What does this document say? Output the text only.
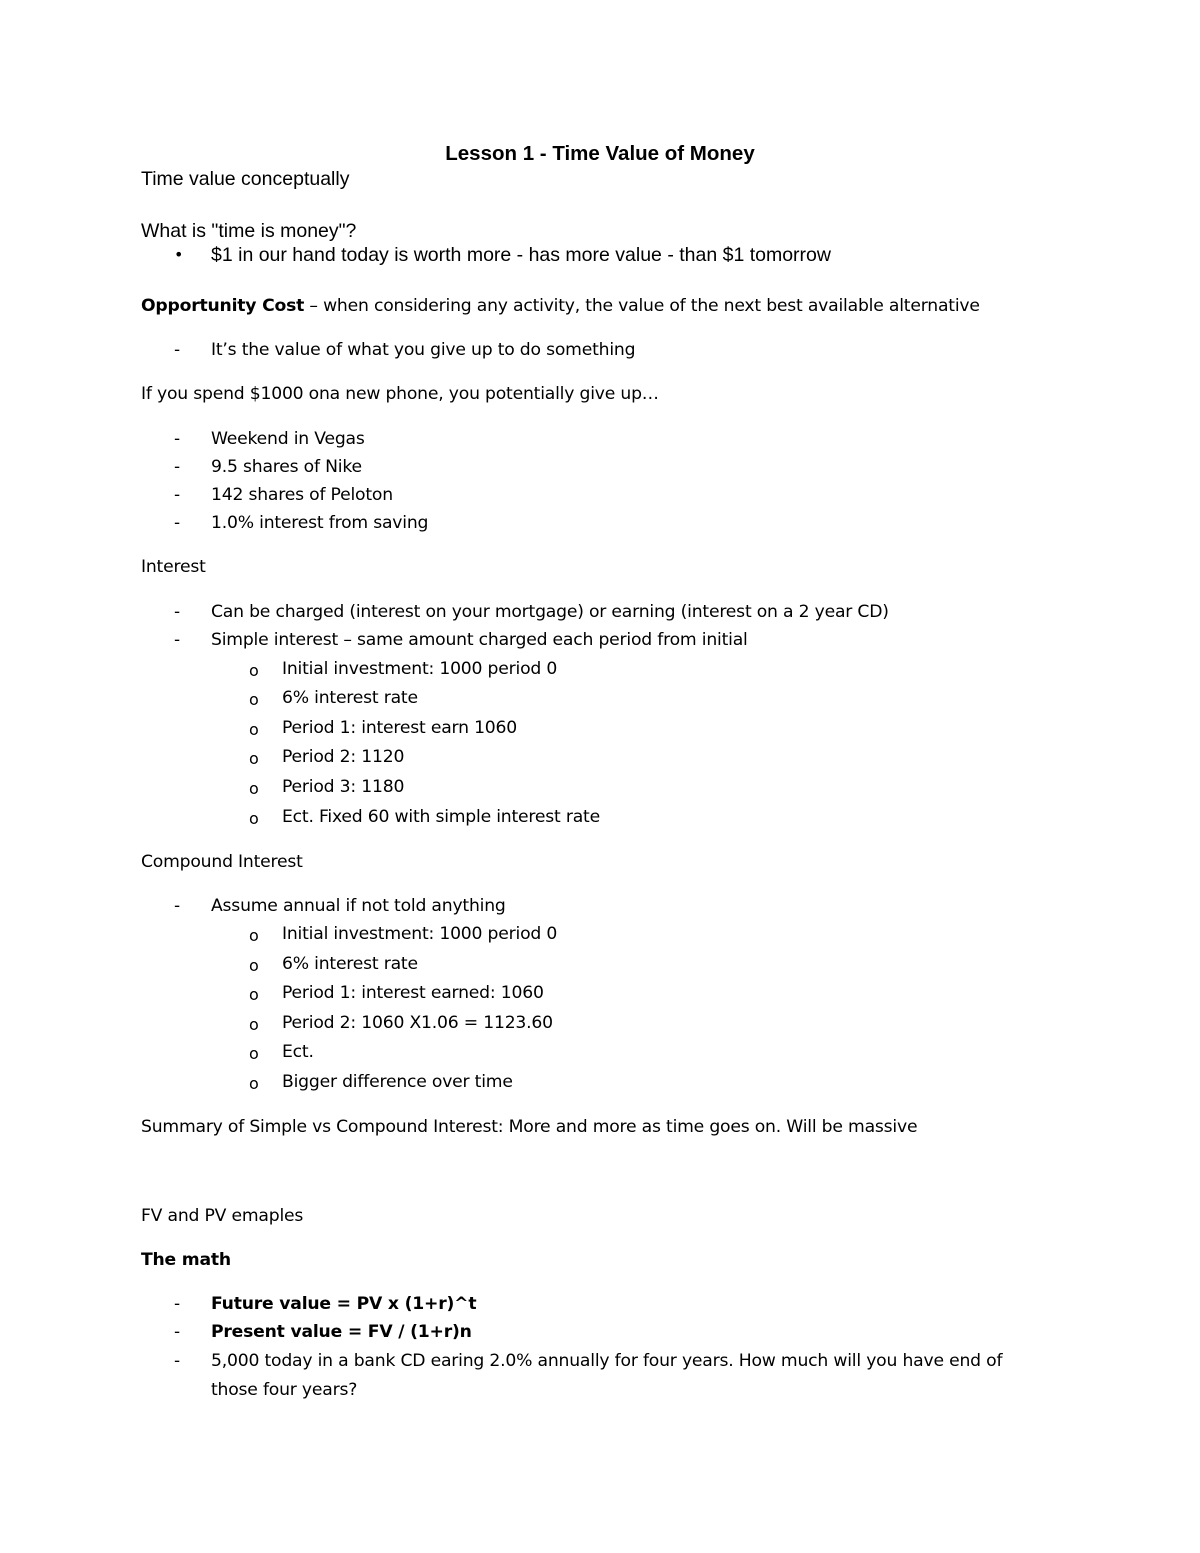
Lesson 1 - Time Value of Money
Time value conceptually
What is "time is money"?
• $1 in our hand today is worth more - has more value - than $1 tomorrow
Opportunity Cost – when considering any activity, the value of the next best available alternative
- It’s the value of what you give up to do something
If you spend $1000 ona new phone, you potentially give up…
- Weekend in Vegas
- 9.5 shares of Nike
- 142 shares of Peloton
- 1.0% interest from saving
Interest
- Can be charged (interest on your mortgage) or earning (interest on a 2 year CD)
- Simple interest – same amount charged each period from initial
o Initial investment: 1000 period 0
o 6% interest rate
o Period 1: interest earn 1060
o Period 2: 1120
o Period 3: 1180
o Ect. Fixed 60 with simple interest rate
Compound Interest
- Assume annual if not told anything
o Initial investment: 1000 period 0
o 6% interest rate
o Period 1: interest earned: 1060
o Period 2: 1060 X1.06 = 1123.60
o Ect.
o Bigger difference over time
Summary of Simple vs Compound Interest: More and more as time goes on. Will be massive
FV and PV emaples
The math
- Future value = PV x (1+r)^t
- Present value = FV / (1+r)n
- 5,000 today in a bank CD earing 2.0% annually for four years. How much will you have end of
those four years?
